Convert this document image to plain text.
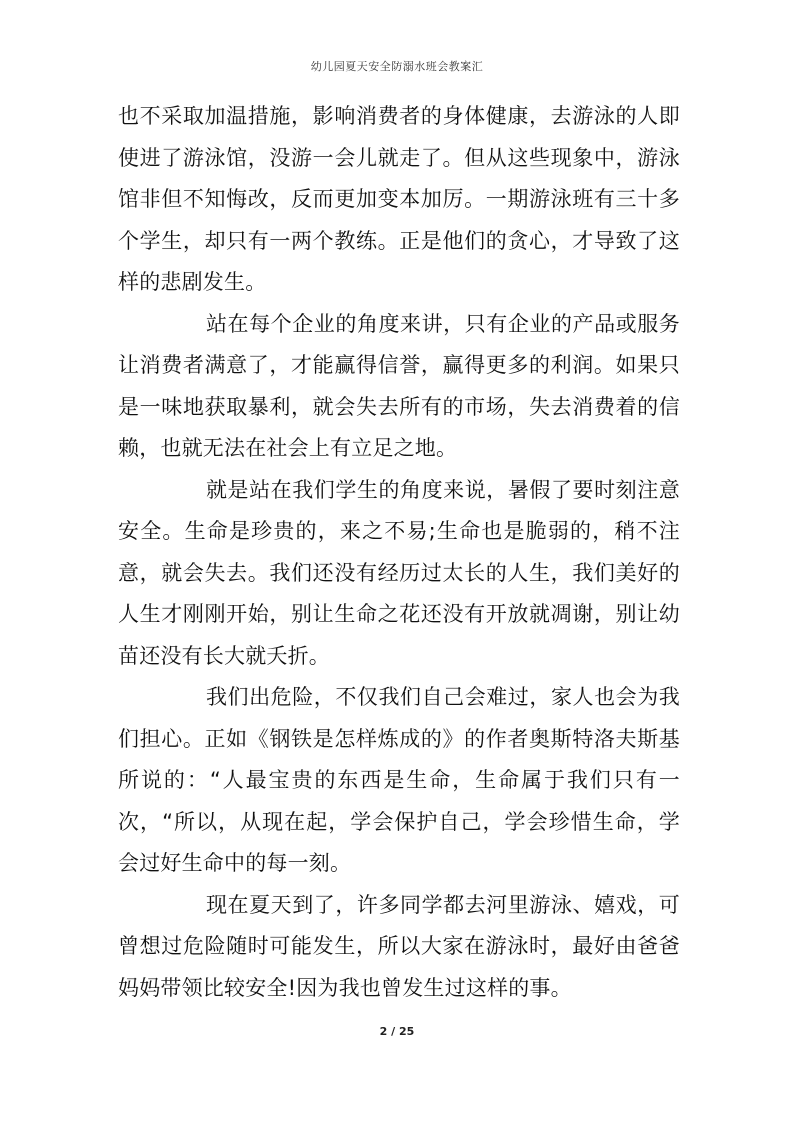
幼儿园夏天安全防溺水班会教案汇

也不采取加温措施，影响消费者的身体健康，去游泳的人即使进了游泳馆，没游一会儿就走了。但从这些现象中，游泳馆非但不知悔改，反而更加变本加厉。一期游泳班有三十多个学生，却只有一两个教练。正是他们的贪心，才导致了这样的悲剧发生。

站在每个企业的角度来讲，只有企业的产品或服务让消费者满意了，才能赢得信誉，赢得更多的利润。如果只是一味地获取暴利，就会失去所有的市场，失去消费着的信赖，也就无法在社会上有立足之地。

就是站在我们学生的角度来说，暑假了要时刻注意安全。生命是珍贵的，来之不易;生命也是脆弱的，稍不注意，就会失去。我们还没有经历过太长的人生，我们美好的人生才刚刚开始，别让生命之花还没有开放就凋谢，别让幼苗还没有长大就夭折。

我们出危险，不仅我们自己会难过，家人也会为我们担心。正如《钢铁是怎样炼成的》的作者奥斯特洛夫斯基所说的：“人最宝贵的东西是生命，生命属于我们只有一次，“所以，从现在起，学会保护自己，学会珍惜生命，学会过好生命中的每一刻。

现在夏天到了，许多同学都去河里游泳、嬉戏，可曾想过危险随时可能发生，所以大家在游泳时，最好由爸爸妈妈带领比较安全!因为我也曾发生过这样的事。

2 / 25
